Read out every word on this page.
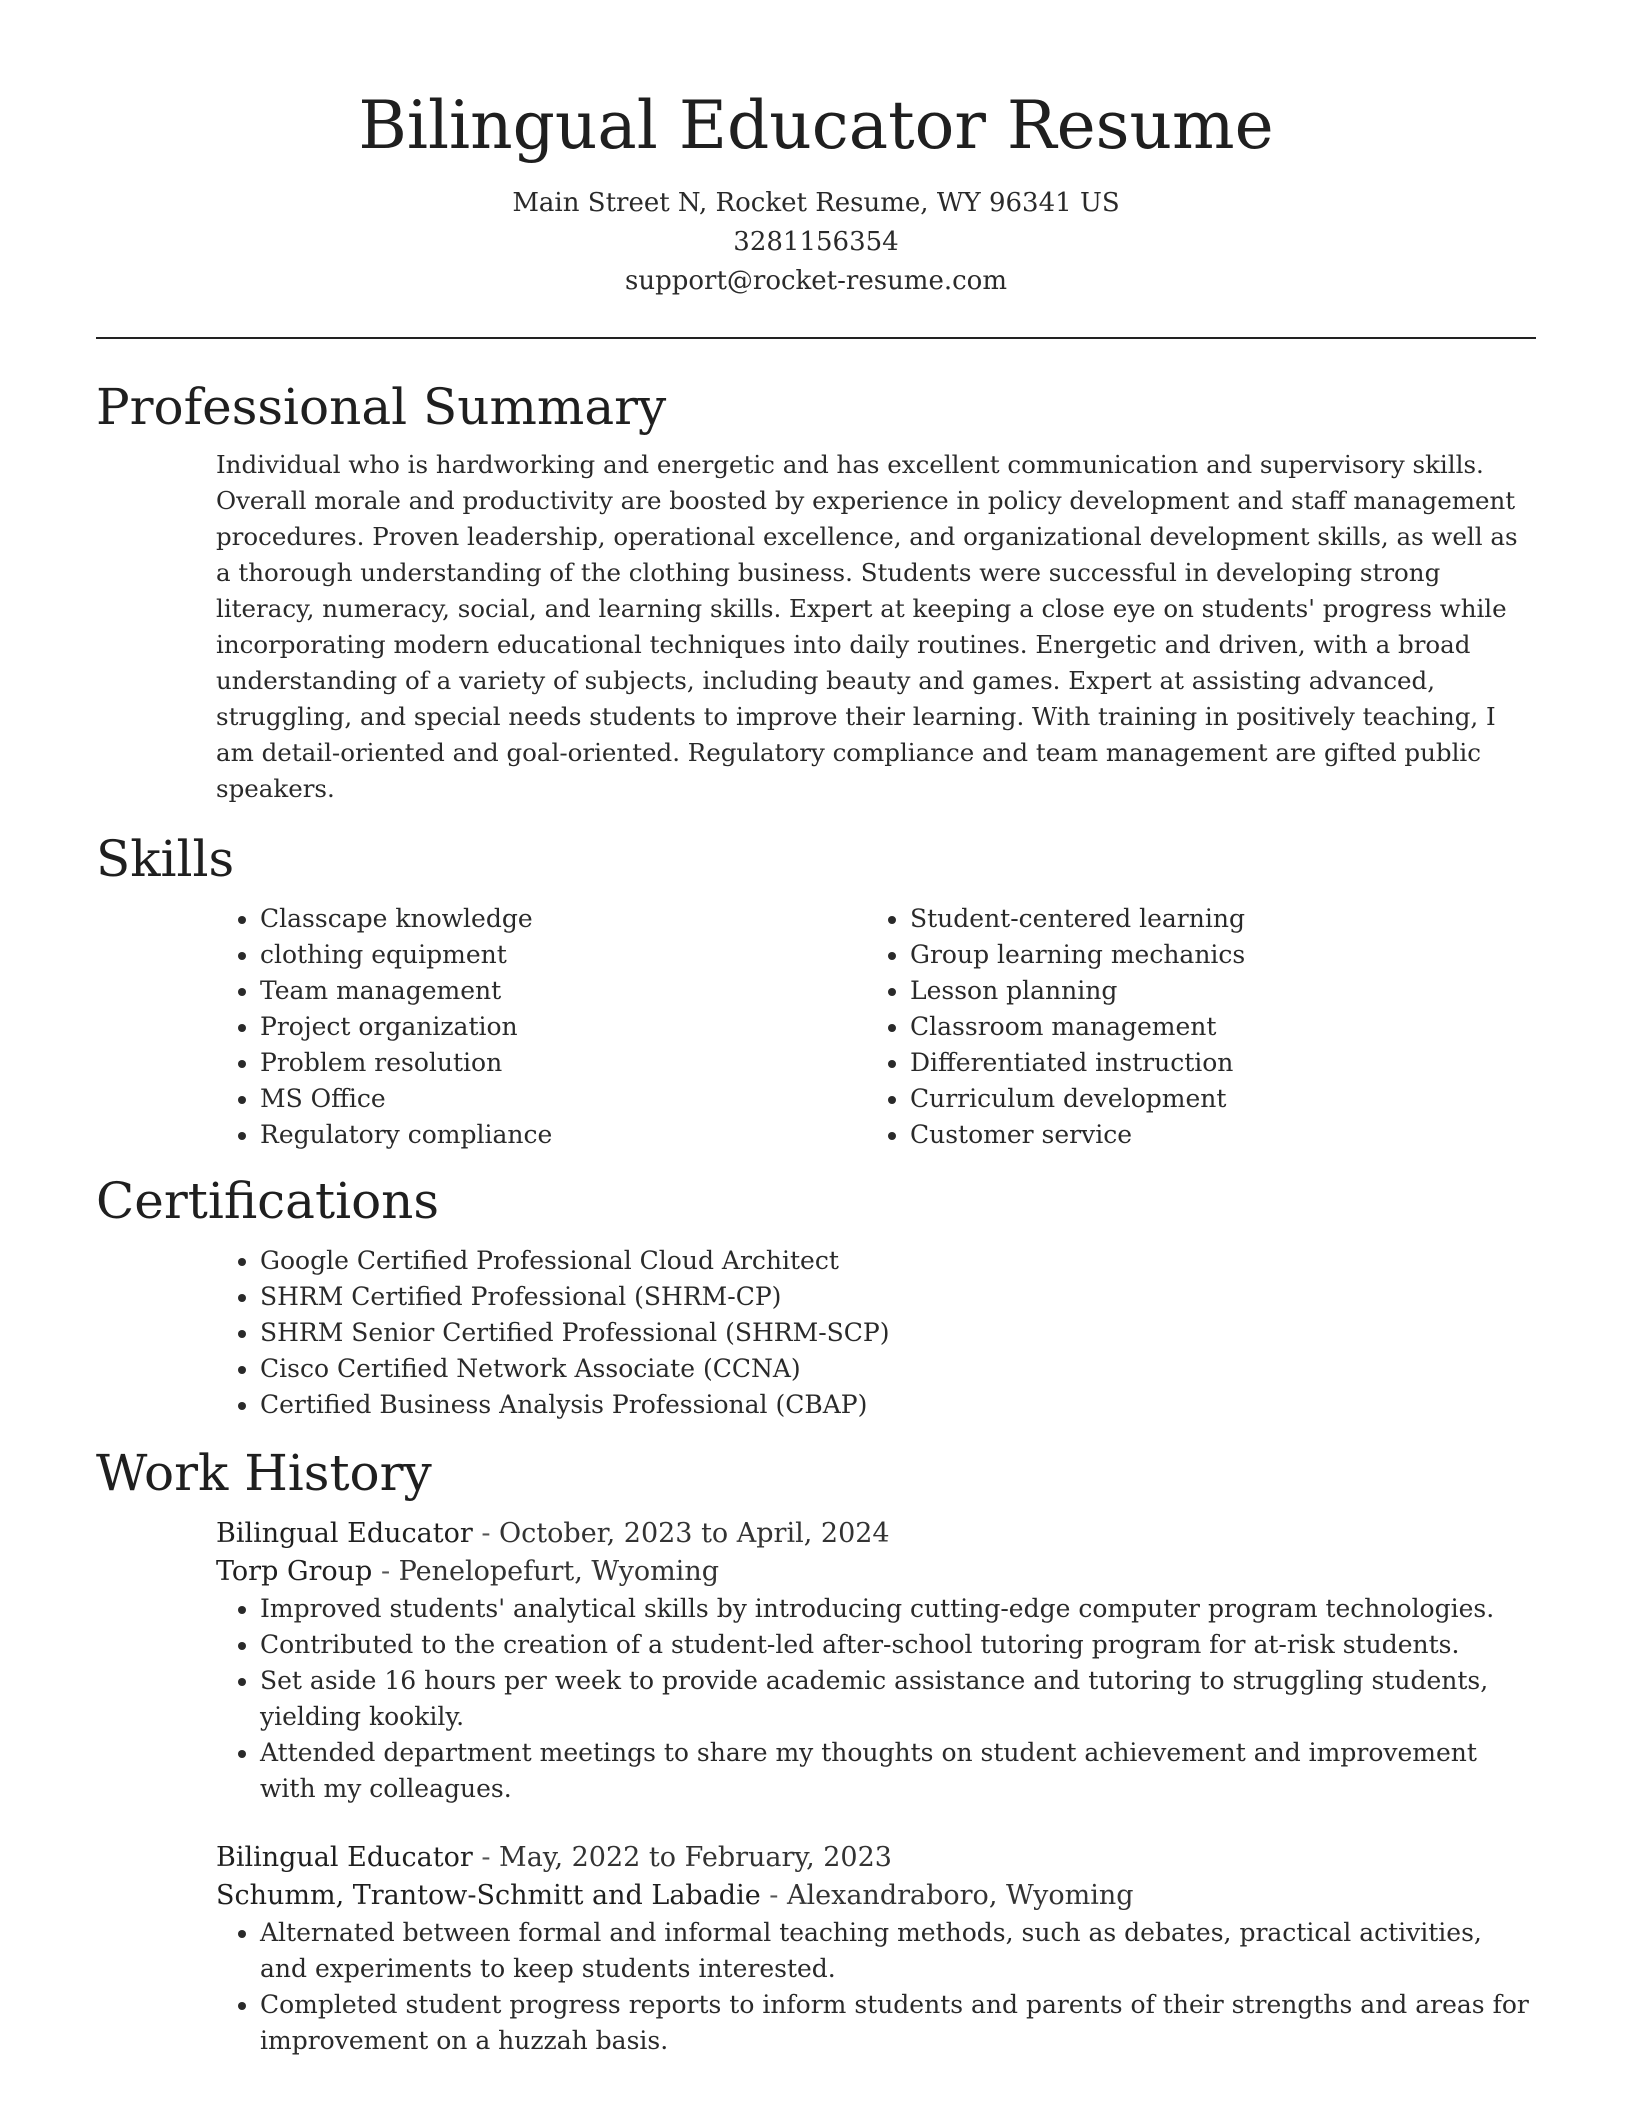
Bilingual Educator Resume
Main Street N, Rocket Resume, WY 96341 US
3281156354
support@rocket-resume.com
Professional Summary

Individual who is hardworking and energetic and has excellent communication and supervisory skills. Overall morale and productivity are boosted by experience in policy development and staff management procedures. Proven leadership, operational excellence, and organizational development skills, as well as a thorough understanding of the clothing business. Students were successful in developing strong literacy, numeracy, social, and learning skills. Expert at keeping a close eye on students' progress while incorporating modern educational techniques into daily routines. Energetic and driven, with a broad understanding of a variety of subjects, including beauty and games. Expert at assisting advanced, struggling, and special needs students to improve their learning. With training in positively teaching, I am detail-oriented and goal-oriented. Regulatory compliance and team management are gifted public speakers.

Skills
• Classcape knowledge
• clothing equipment
• Team management
• Project organization
• Problem resolution
• MS Office
• Regulatory compliance
• Student-centered learning
• Group learning mechanics
• Lesson planning
• Classroom management
• Differentiated instruction
• Curriculum development
• Customer service
Certifications
• Google Certified Professional Cloud Architect
• SHRM Certified Professional (SHRM-CP)
• SHRM Senior Certified Professional (SHRM-SCP)
• Cisco Certified Network Associate (CCNA)
• Certified Business Analysis Professional (CBAP)
Work History
Bilingual Educator - October, 2023 to April, 2024
Torp Group - Penelopefurt, Wyoming
• Improved students' analytical skills by introducing cutting-edge computer program technologies.
• Contributed to the creation of a student-led after-school tutoring program for at-risk students.
• Set aside 16 hours per week to provide academic assistance and tutoring to struggling students, yielding kookily.
• Attended department meetings to share my thoughts on student achievement and improvement with my colleagues.
Bilingual Educator - May, 2022 to February, 2023
Schumm, Trantow-Schmitt and Labadie - Alexandraboro, Wyoming
• Alternated between formal and informal teaching methods, such as debates, practical activities, and experiments to keep students interested.
• Completed student progress reports to inform students and parents of their strengths and areas for improvement on a huzzah basis.
